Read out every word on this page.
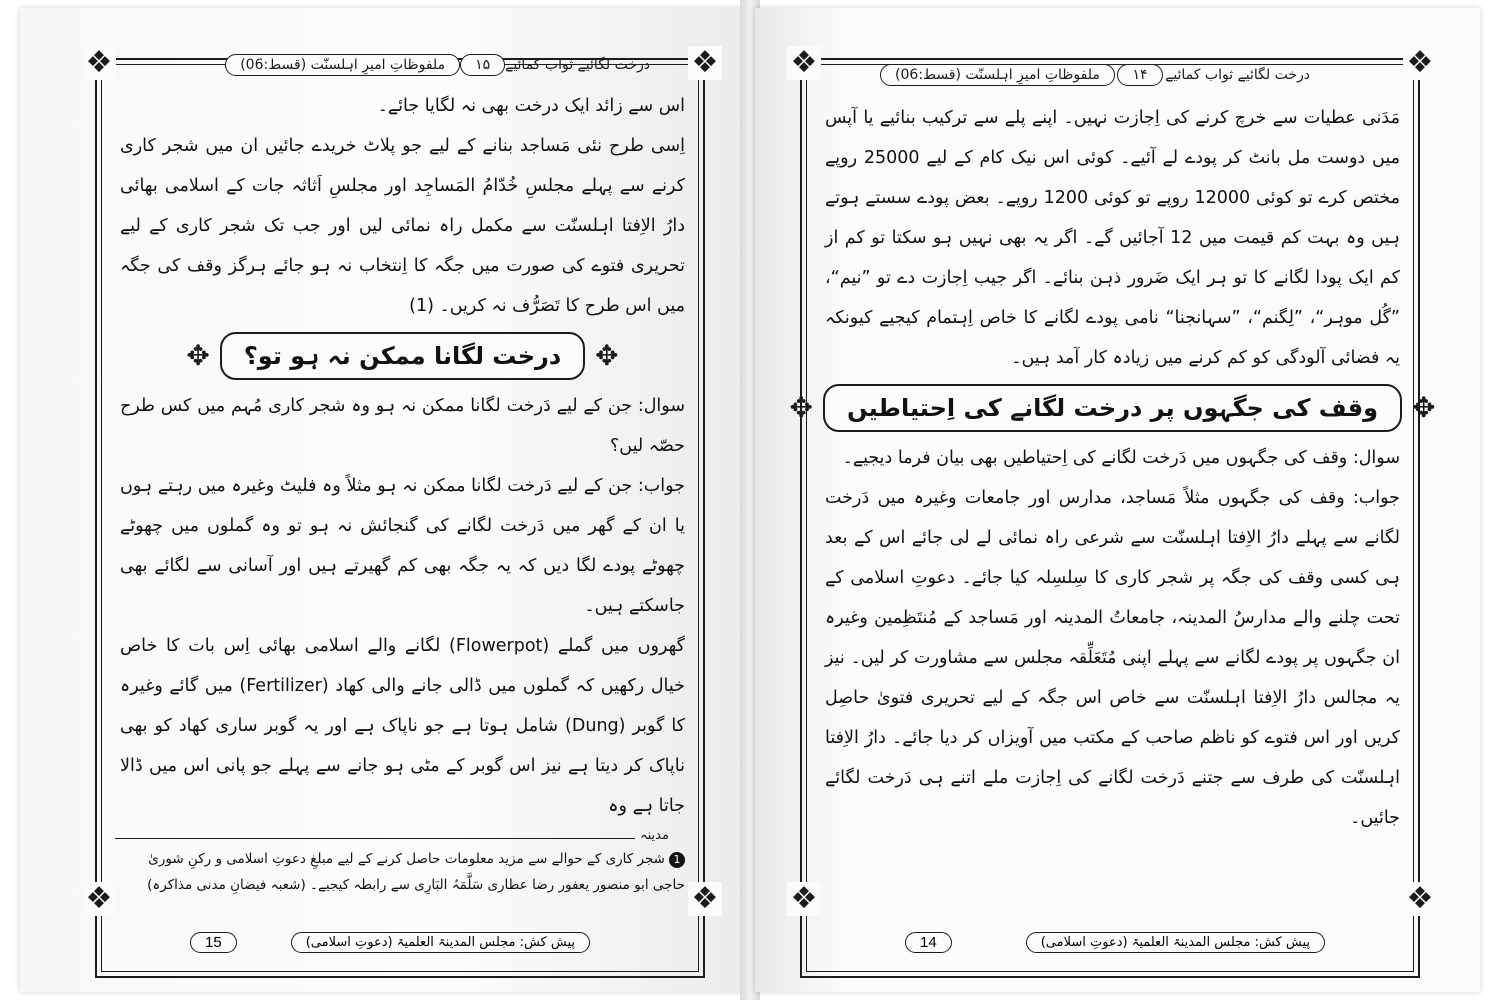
❖	❖
❖	❖
درخت لگائیے ثواب کمائیے
۱۵
ملفوظاتِ امیرِ اہلسنّت (قسط:06)

اس سے زائد ایک درخت بھی نہ لگایا جائے۔

اِسی طرح نئی مَساجد بنانے کے لیے جو پلاٹ خریدے جائیں ان میں شجر کاری کرنے سے پہلے مجلسِ خُدّامُ المَساجِد اور مجلسِ اَثاثہ جات کے اسلامی بھائی دارُ الاِفتا اہلسنّت سے مکمل راہ نمائی لیں اور جب تک شجر کاری کے لیے تحریری فتوے کی صورت میں جگہ کا اِنتخاب نہ ہو جائے ہرگز وقف کی جگہ میں اس طرح کا تَصَرُّف نہ کریں۔ (1)

✥
درخت لگانا ممکن نہ ہو تو؟
✥

سوال: جن کے لیے دَرخت لگانا ممکن نہ ہو وہ شجر کاری مُہم میں کس طرح حصّہ لیں؟

جواب: جن کے لیے دَرخت لگانا ممکن نہ ہو مثلاً وہ فلیٹ وغیرہ میں رہتے ہوں یا ان کے گھر میں دَرخت لگانے کی گنجائش نہ ہو تو وہ گملوں میں چھوٹے چھوٹے پودے لگا دیں کہ یہ جگہ بھی کم گھیرتے ہیں اور آسانی سے لگائے بھی جاسکتے ہیں۔

گھروں میں گملے (Flowerpot) لگانے والے اسلامی بھائی اِس بات کا خاص خیال رکھیں کہ گملوں میں ڈالی جانے والی کھاد (Fertilizer) میں گائے وغیرہ کا گوبر (Dung) شامل ہوتا ہے جو ناپاک ہے اور یہ گوبر ساری کھاد کو بھی ناپاک کر دیتا ہے نیز اس گوبر کے مٹی ہو جانے سے پہلے جو پانی اس میں ڈالا جاتا ہے وہ

مدینہ
1شجر کاری کے حوالے سے مزید معلومات حاصل کرنے کے لیے مبلغِ دعوتِ اسلامی و رکنِ شوریٰ حاجی ابو منصور یعفور رضا عطاری سَلَّمَہُ البَارِی سے رابطہ کیجیے۔ (شعبہ فیضانِ مدنی مذاکرہ)
پیش کش: مجلس المدینۃ العلمیۃ (دعوتِ اسلامی)
15
❖	❖
❖	❖
درخت لگائیے ثواب کمائیے
۱۴
ملفوظاتِ امیرِ اہلسنّت (قسط:06)

مَدَنی عطیات سے خرچ کرنے کی اِجازت نہیں۔ اپنے پلے سے ترکیب بنائیے یا آپس میں دوست مل بانٹ کر پودے لے آئیے۔ کوئی اس نیک کام کے لیے 25000 روپے مختص کرے تو کوئی 12000 روپے تو کوئی 1200 روپے۔ بعض پودے سستے ہوتے ہیں وہ بہت کم قیمت میں 12 آجائیں گے۔ اگر یہ بھی نہیں ہو سکتا تو کم از کم ایک پودا لگانے کا تو ہر ایک ضَرور ذہن بنائے۔ اگر جیب اِجازت دے تو ”نیم“، ”گُل موہر“، ”لِگنم“، ”سہانجنا“ نامی پودے لگانے کا خاص اِہتمام کیجیے کیونکہ یہ فضائی آلودگی کو کم کرنے میں زیادہ کار آمد ہیں۔

✥
وقف کی جگہوں پر درخت لگانے کی اِحتیاطیں
✥

سوال: وقف کی جگہوں میں دَرخت لگانے کی اِحتیاطیں بھی بیان فرما دیجیے۔

جواب: وقف کی جگہوں مثلاً مَساجد، مدارس اور جامعات وغیرہ میں دَرخت لگانے سے پہلے دارُ الاِفتا اہلسنّت سے شرعی راہ نمائی لے لی جائے اس کے بعد ہی کسی وقف کی جگہ پر شجر کاری کا سِلسِلہ کیا جائے۔ دعوتِ اسلامی کے تحت چلنے والے مدارسُ المدینہ، جامعاتُ المدینہ اور مَساجد کے مُنتَظِمین وغیرہ ان جگہوں پر پودے لگانے سے پہلے اپنی مُتَعَلِّقہ مجلس سے مشاورت کر لیں۔ نیز یہ مجالس دارُ الاِفتا اہلسنّت سے خاص اس جگہ کے لیے تحریری فتویٰ حاصِل کریں اور اس فتوے کو ناظم صاحب کے مکتب میں آویزاں کر دیا جائے۔ دارُ الاِفتا اہلسنّت کی طرف سے جتنے دَرخت لگانے کی اِجازت ملے اتنے ہی دَرخت لگائے جائیں۔

پیش کش: مجلس المدینۃ العلمیۃ (دعوتِ اسلامی)
14
